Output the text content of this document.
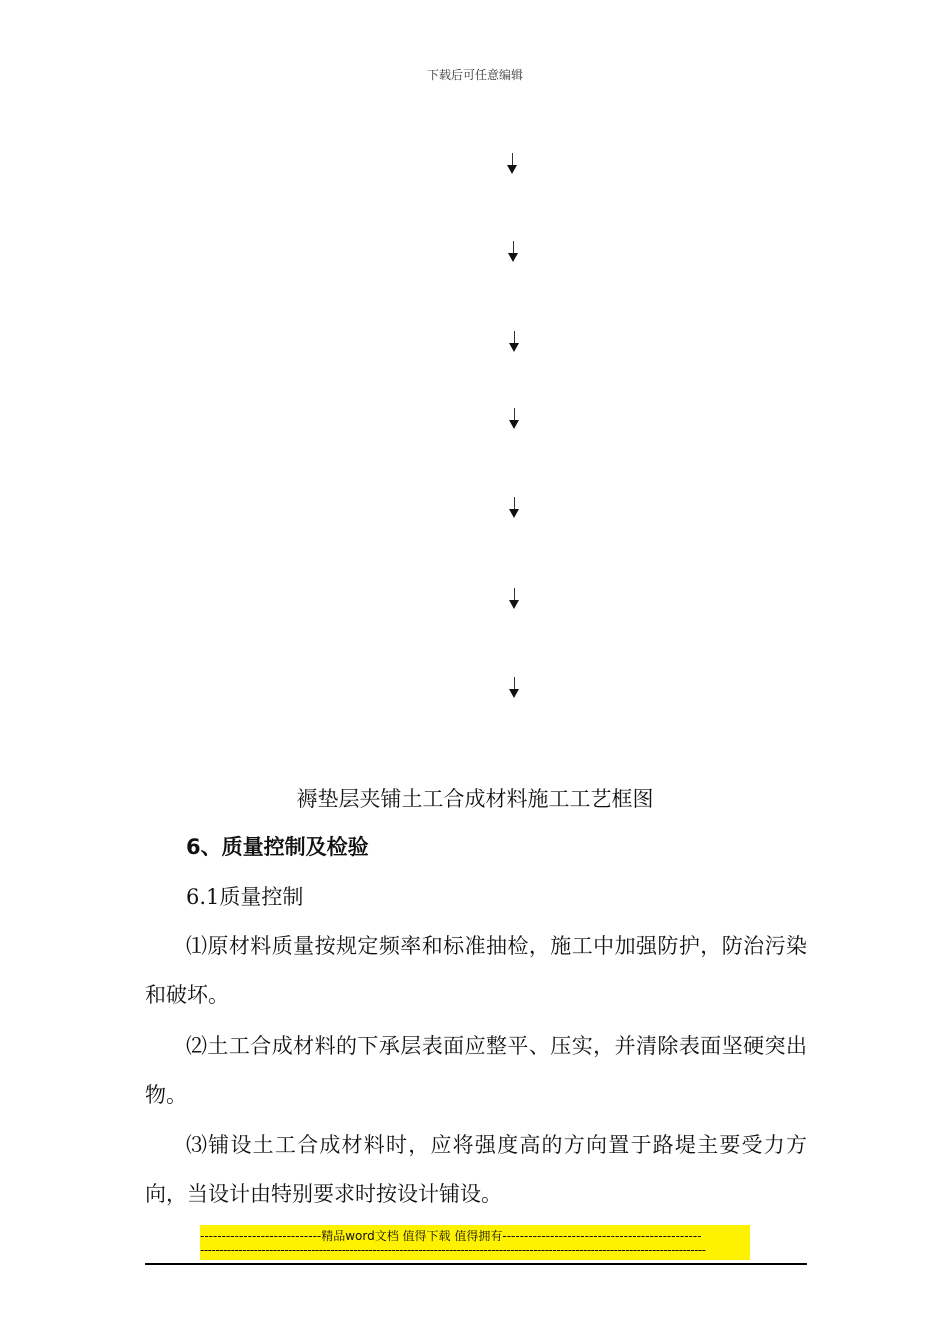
下载后可任意编辑
褥垫层夹铺土工合成材料施工工艺框图
6、质量控制及检验
6.1质量控制
⑴原材料质量按规定频率和标准抽检，施工中加强防护，防治污染和破坏。
⑵土工合成材料的下承层表面应整平、压实，并清除表面坚硬突出物。
⑶铺设土工合成材料时，应将强度高的方向置于路堤主要受力方向，当设计由特别要求时按设计铺设。
----------------------------精品word文档 值得下载 值得拥有----------------------------------------------
------------------------------------------------------------------------------------------------------------------------------------
